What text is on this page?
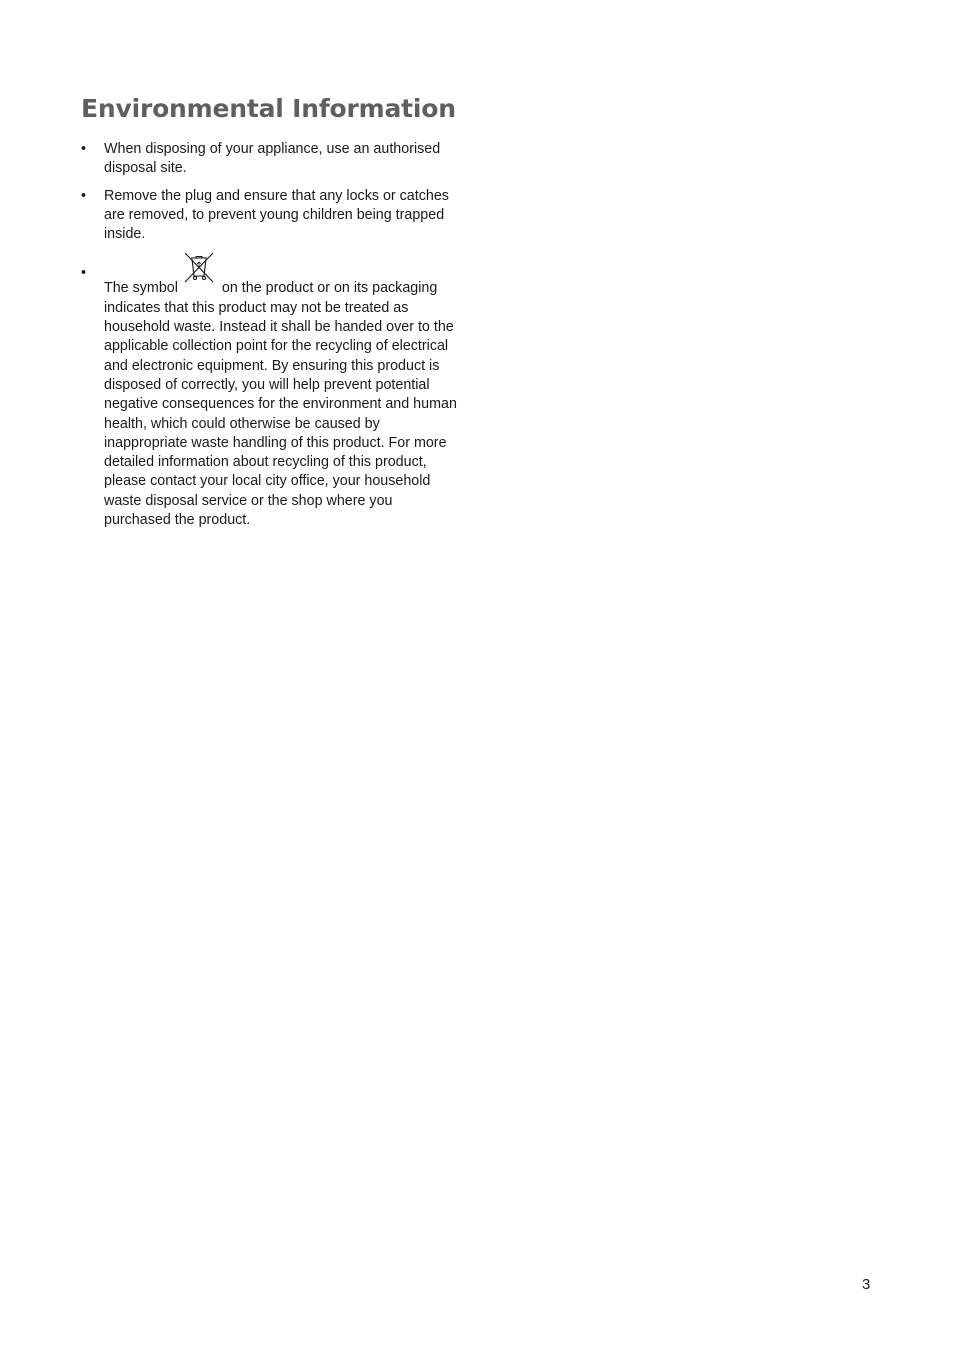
Environmental Information
•	When disposing of your appliance, use an authorised disposal site.
•	Remove the plug and ensure that any locks or catches are removed, to prevent young children being trapped inside.
•
The symbol	on the product or on its packaging indicates that this product may not be treated as household waste. Instead it shall be handed over to the applicable collection point for the recycling of electrical and electronic equipment. By ensuring this product is disposed of correctly, you will help prevent potential negative consequences for the environment and human health, which could otherwise be caused by inappropriate waste handling of this product. For more detailed information about recycling of this product, please contact your local city office, your household waste disposal service or the shop where you purchased the product.
3
